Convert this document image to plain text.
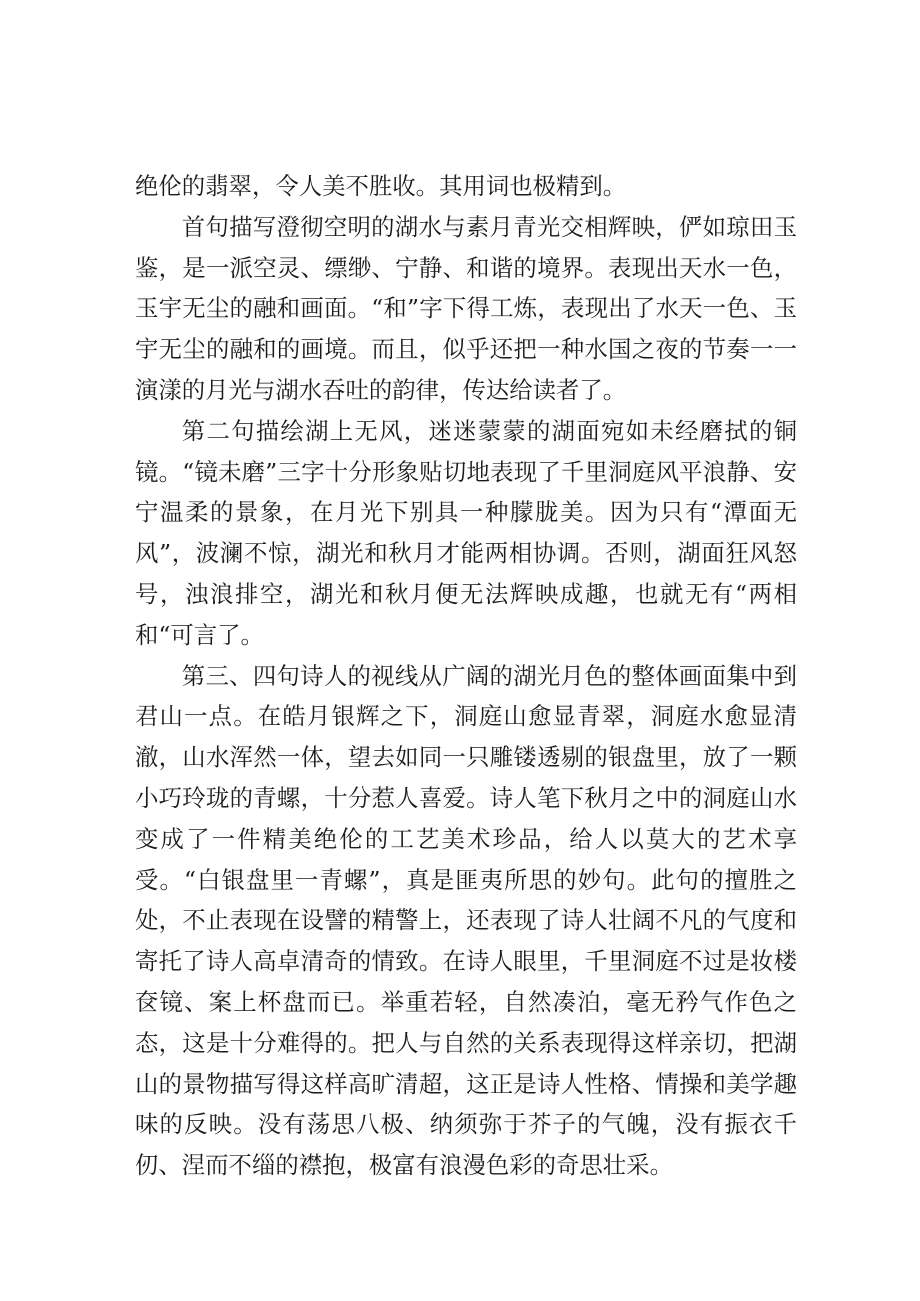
绝伦的翡翠，令人美不胜收。其用词也极精到。

首句描写澄彻空明的湖水与素月青光交相辉映，俨如琼田玉鉴，是一派空灵、缥缈、宁静、和谐的境界。表现出天水一色，玉宇无尘的融和画面。“和”字下得工炼，表现出了水天一色、玉宇无尘的融和的画境。而且，似乎还把一种水国之夜的节奏一一演漾的月光与湖水吞吐的韵律，传达给读者了。

第二句描绘湖上无风，迷迷蒙蒙的湖面宛如未经磨拭的铜镜。“镜未磨”三字十分形象贴切地表现了千里洞庭风平浪静、安宁温柔的景象，在月光下别具一种朦胧美。因为只有“潭面无风”，波澜不惊，湖光和秋月才能两相协调。否则，湖面狂风怒号，浊浪排空，湖光和秋月便无法辉映成趣，也就无有“两相和“可言了。

第三、四句诗人的视线从广阔的湖光月色的整体画面集中到君山一点。在皓月银辉之下，洞庭山愈显青翠，洞庭水愈显清澈，山水浑然一体，望去如同一只雕镂透剔的银盘里，放了一颗小巧玲珑的青螺，十分惹人喜爱。诗人笔下秋月之中的洞庭山水变成了一件精美绝伦的工艺美术珍品，给人以莫大的艺术享受。“白银盘里一青螺”，真是匪夷所思的妙句。此句的擅胜之处，不止表现在设譬的精警上，还表现了诗人壮阔不凡的气度和寄托了诗人高卓清奇的情致。在诗人眼里，千里洞庭不过是妆楼奁镜、案上杯盘而已。举重若轻，自然凑泊，毫无矜气作色之态，这是十分难得的。把人与自然的关系表现得这样亲切，把湖山的景物描写得这样高旷清超，这正是诗人性格、情操和美学趣味的反映。没有荡思八极、纳须弥于芥子的气魄，没有振衣千仞、涅而不缁的襟抱，极富有浪漫色彩的奇思壮采。
